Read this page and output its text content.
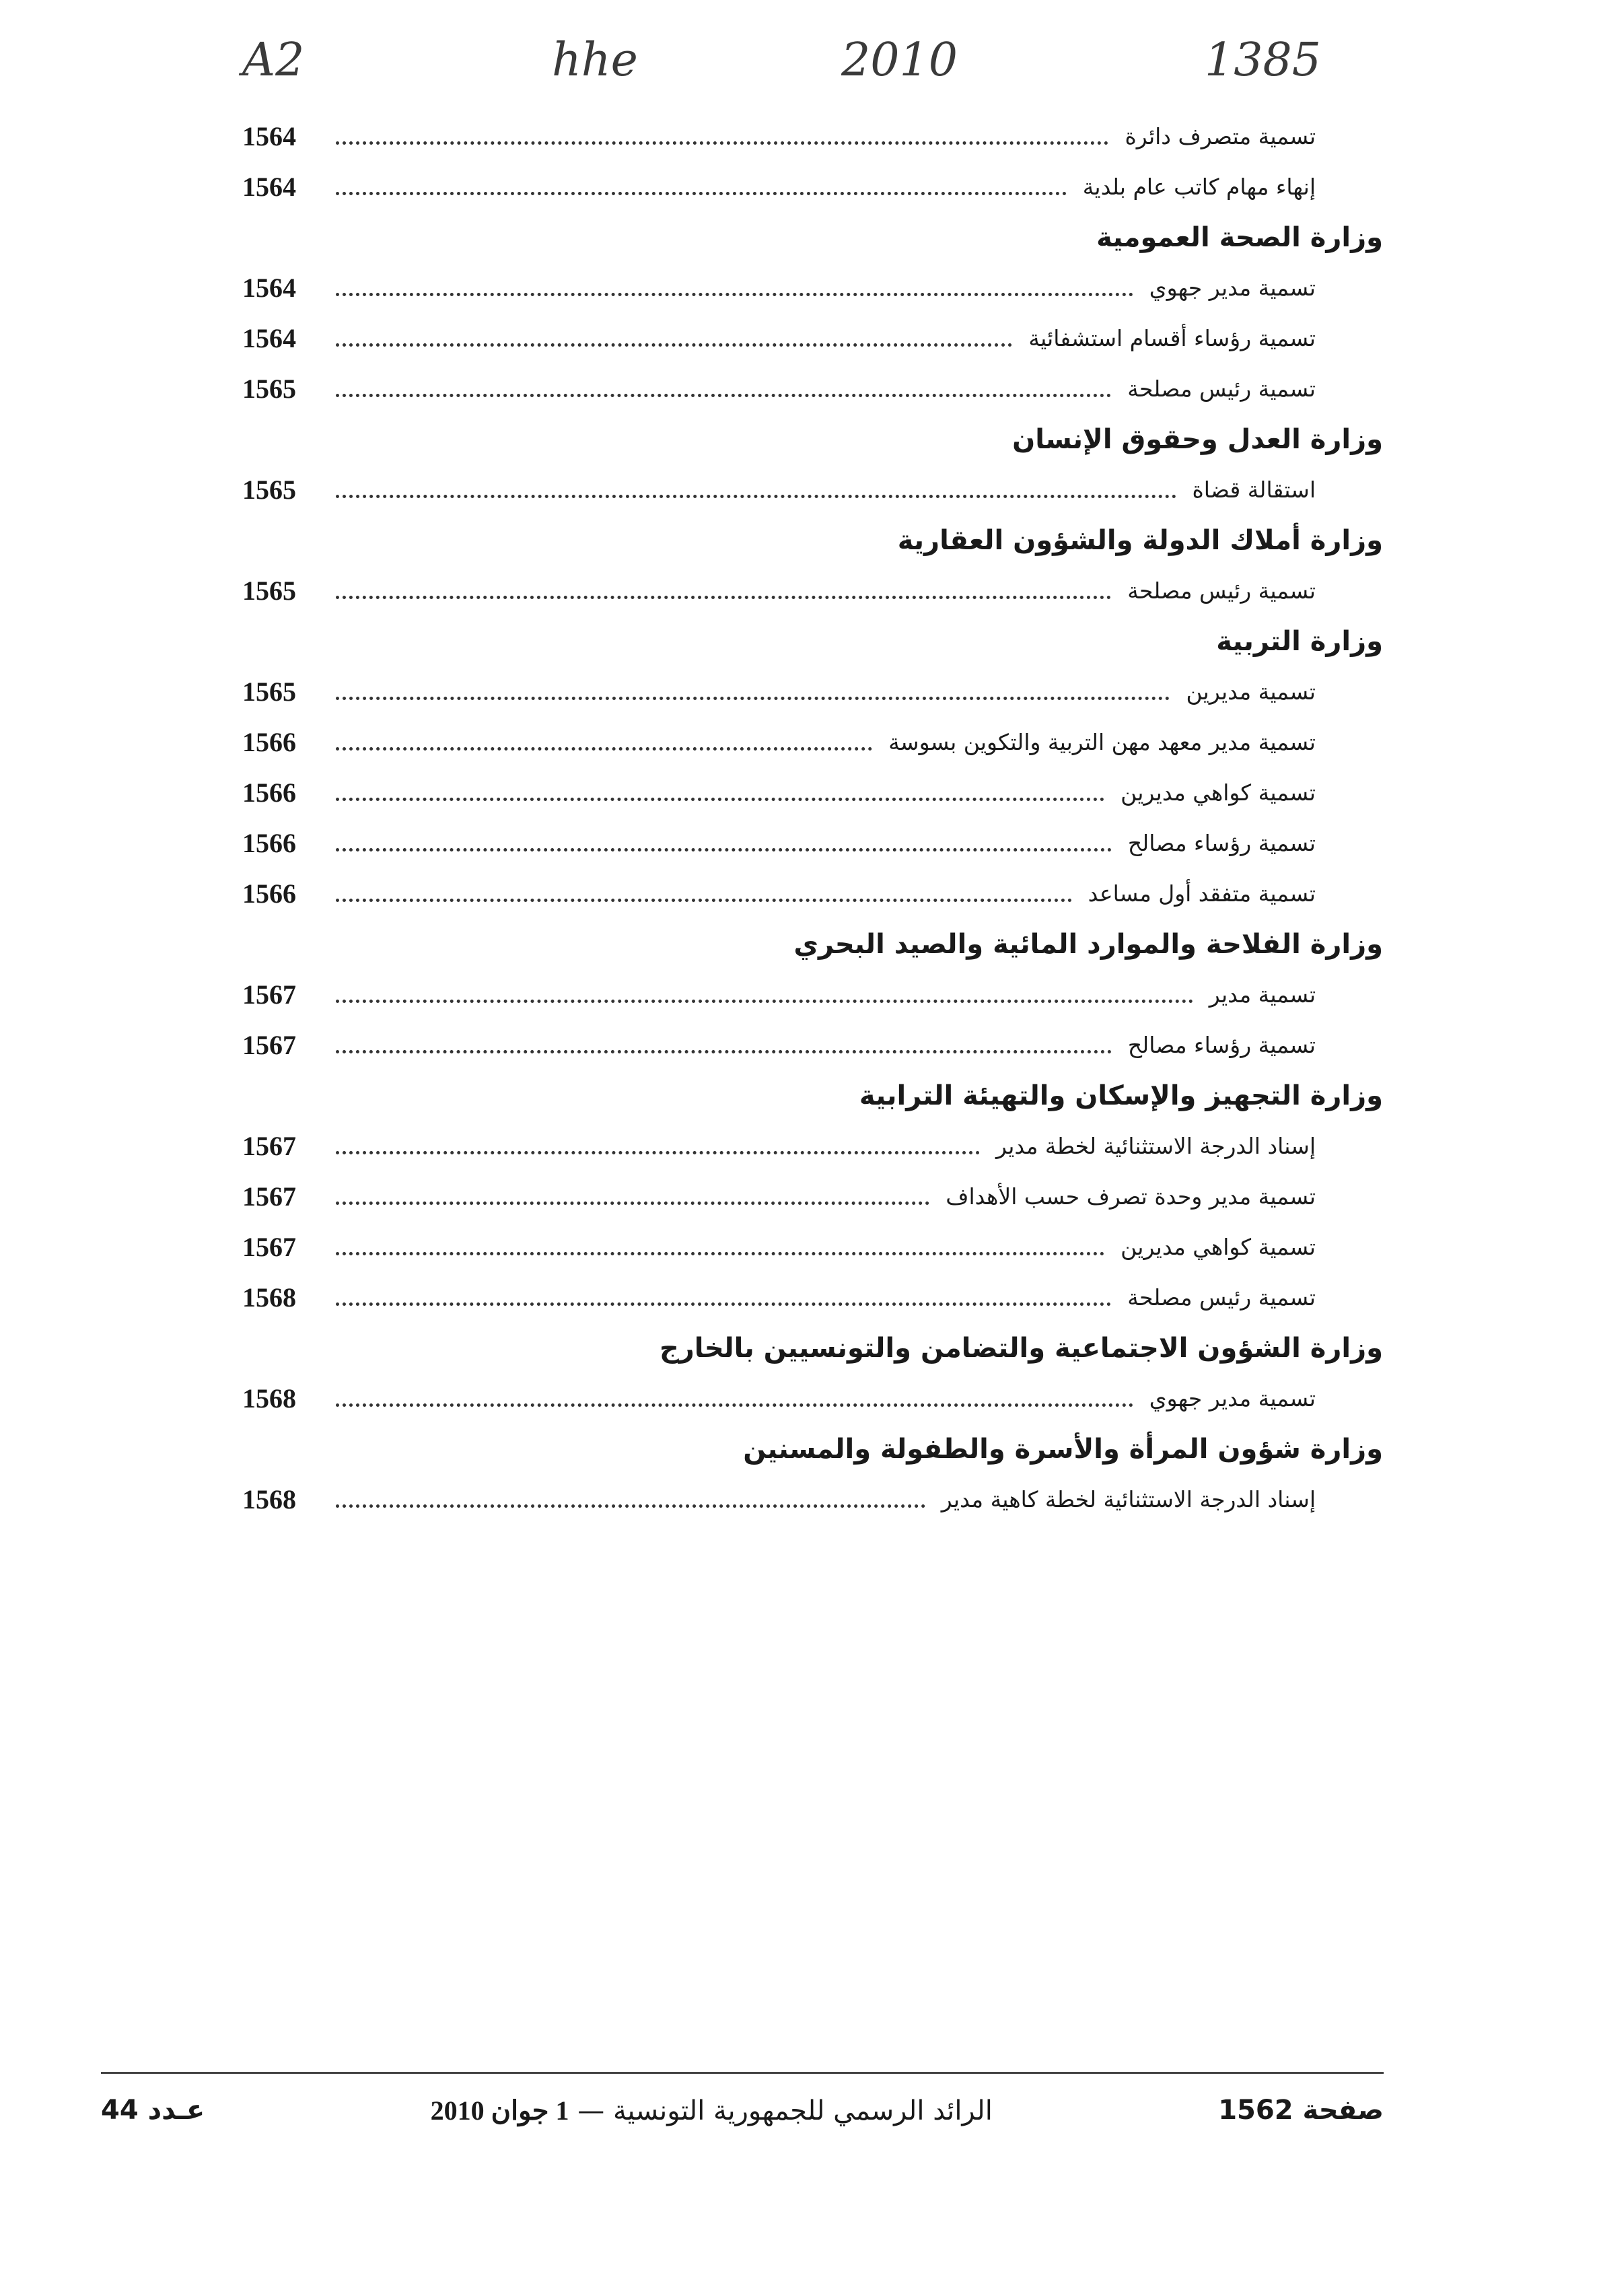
A2	hhe	2010	1385
تسمية متصرف دائرة
1564
إنهاء مهام كاتب عام بلدية
1564
وزارة الصحة العمومية
تسمية مدير جهوي
1564
تسمية رؤساء أقسام استشفائية
1564
تسمية رئيس مصلحة
1565
وزارة العدل وحقوق الإنسان
استقالة قضاة
1565
وزارة أملاك الدولة والشؤون العقارية
تسمية رئيس مصلحة
1565
وزارة التربية
تسمية مديرين
1565
تسمية مدير معهد مهن التربية والتكوين بسوسة
1566
تسمية كواهي مديرين
1566
تسمية رؤساء مصالح
1566
تسمية متفقد أول مساعد
1566
وزارة الفلاحة والموارد المائية والصيد البحري
تسمية مدير
1567
تسمية رؤساء مصالح
1567
وزارة التجهيز والإسكان والتهيئة الترابية
إسناد الدرجة الاستثنائية لخطة مدير
1567
تسمية مدير وحدة تصرف حسب الأهداف
1567
تسمية كواهي مديرين
1567
تسمية رئيس مصلحة
1568
وزارة الشؤون الاجتماعية والتضامن والتونسيين بالخارج
تسمية مدير جهوي
1568
وزارة شؤون المرأة والأسرة والطفولة والمسنين
إسناد الدرجة الاستثنائية لخطة كاهية مدير
1568
صفحة 1562
الرائد الرسمي للجمهورية التونسية — 1 جوان 2010
عـدد 44
